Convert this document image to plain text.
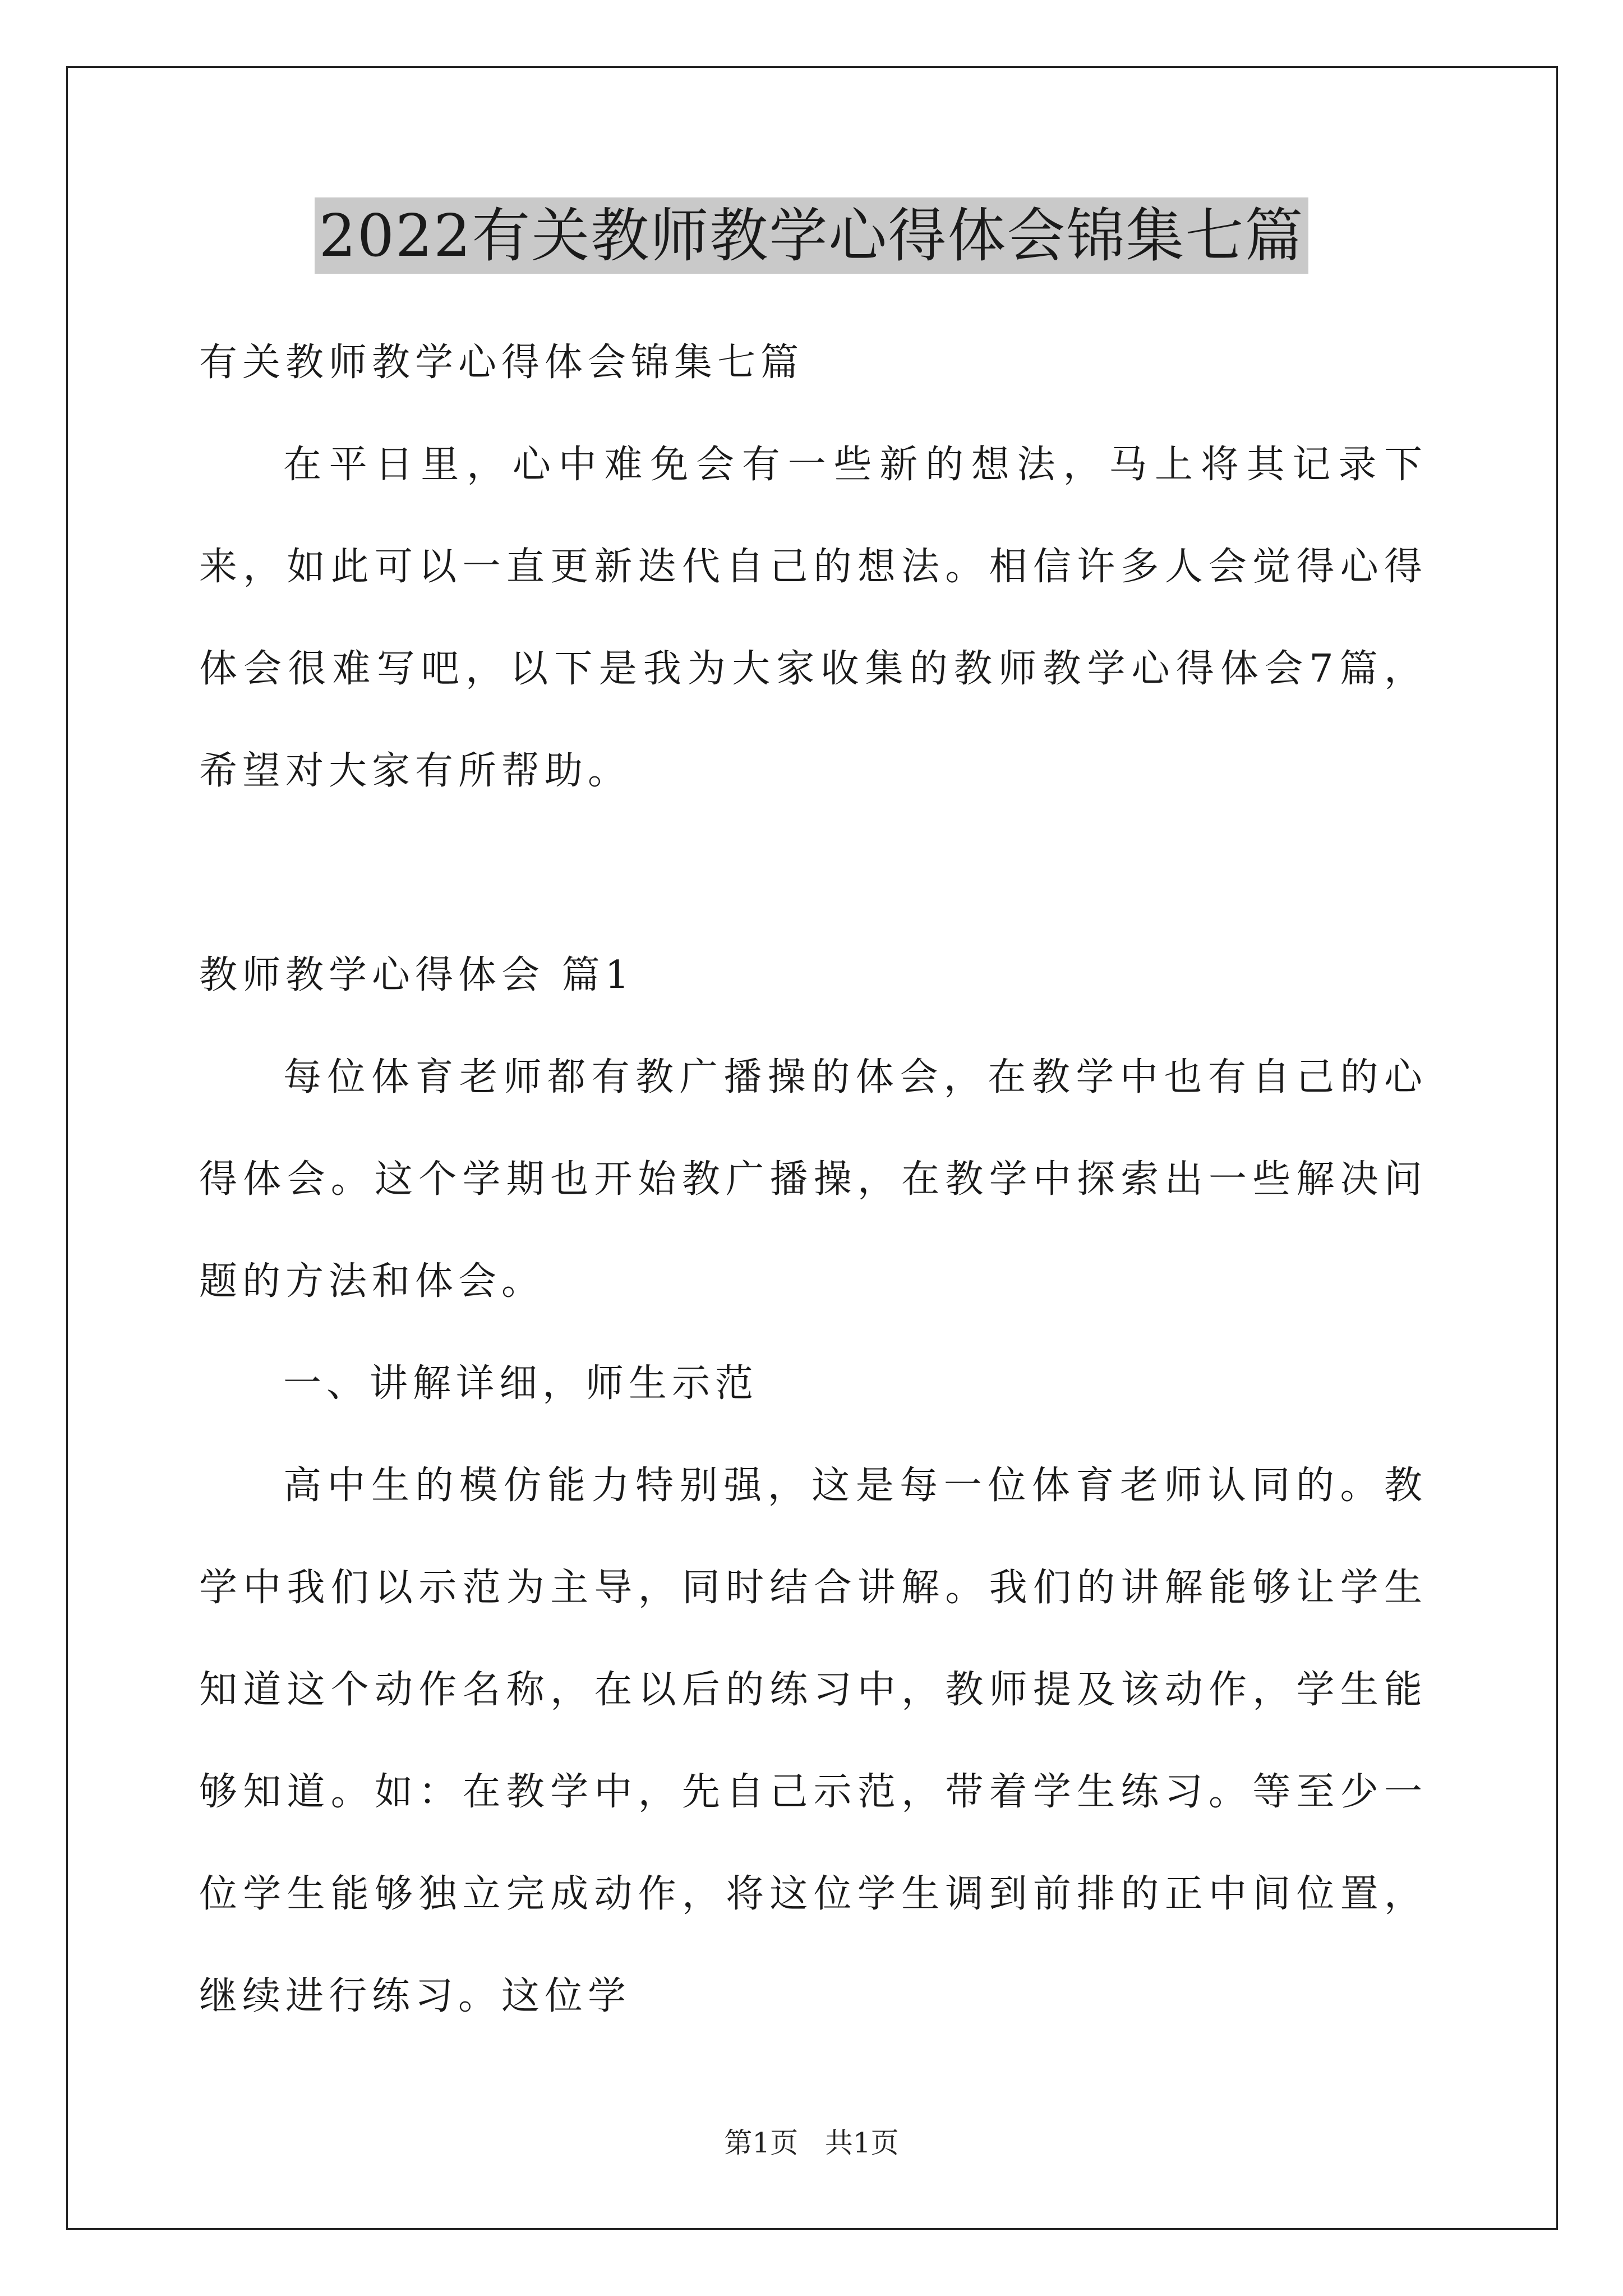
2022有关教师教学心得体会锦集七篇

有关教师教学心得体会锦集七篇

在平日里，心中难免会有一些新的想法，马上将其记录下来，如此可以一直更新迭代自己的想法。相信许多人会觉得心得体会很难写吧，以下是我为大家收集的教师教学心得体会7篇，希望对大家有所帮助。

教师教学心得体会 篇1

每位体育老师都有教广播操的体会，在教学中也有自己的心得体会。这个学期也开始教广播操，在教学中探索出一些解决问题的方法和体会。

一、讲解详细，师生示范

高中生的模仿能力特别强，这是每一位体育老师认同的。教学中我们以示范为主导，同时结合讲解。我们的讲解能够让学生知道这个动作名称，在以后的练习中，教师提及该动作，学生能够知道。如：在教学中，先自己示范，带着学生练习。等至少一位学生能够独立完成动作，将这位学生调到前排的正中间位置，继续进行练习。这位学

第1页   共1页
